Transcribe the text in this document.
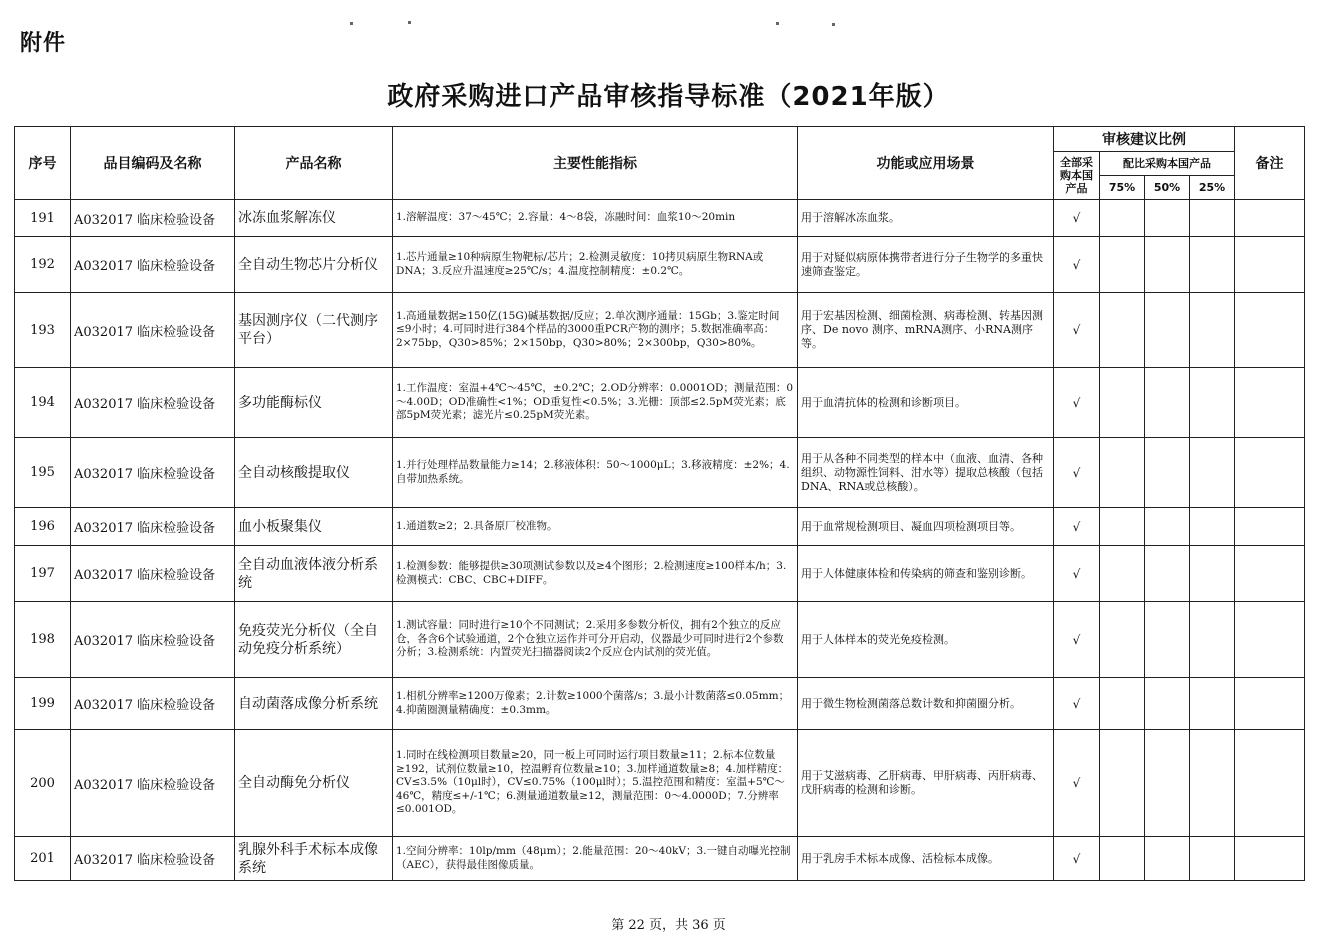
附件
政府采购进口产品审核指导标准（2021年版）
序号	品目编码及名称	产品名称	主要性能指标	功能或应用场景	审核建议比例				备注
					全部采购本国产品	配比采购本国产品			
						75%	50%	25%	
191	A032017 临床检验设备	冰冻血浆解冻仪	1.溶解温度：37～45℃；2.容量：4～8袋，冻融时间：血浆10～20min	用于溶解冰冻血浆。	√				
192	A032017 临床检验设备	全自动生物芯片分析仪	1.芯片通量≥10种病原生物靶标/芯片；2.检测灵敏度：10拷贝病原生物RNA或DNA；3.反应升温速度≥25℃/s；4.温度控制精度：±0.2℃。	用于对疑似病原体携带者进行分子生物学的多重快速筛查鉴定。	√				
193	A032017 临床检验设备	基因测序仪（二代测序平台）	1.高通量数据≥150亿(15G)碱基数据/反应；2.单次测序通量：15Gb；3.鉴定时间≤9小时；4.可同时进行384个样品的3000重PCR产物的测序；5.数据准确率高：2×75bp，Q30>85%；2×150bp，Q30>80%；2×300bp，Q30>80%。	用于宏基因检测、细菌检测、病毒检测、转基因测序、De novo 测序、mRNA测序、小RNA测序等。	√				
194	A032017 临床检验设备	多功能酶标仪	1.工作温度：室温+4℃～45℃，±0.2℃；2.OD分辨率：0.0001OD；测量范围：0～4.00D；OD准确性<1%；OD重复性<0.5%；3.光栅：顶部≤2.5pM荧光素；底部5pM荧光素；滤光片≤0.25pM荧光素。	用于血清抗体的检测和诊断项目。	√				
195	A032017 临床检验设备	全自动核酸提取仪	1.并行处理样品数量能力≥14；2.移液体积：50～1000μL；3.移液精度：±2%；4.自带加热系统。	用于从各种不同类型的样本中（血液、血清、各种组织、动物源性饲料、泔水等）提取总核酸（包括DNA、RNA或总核酸）。	√				
196	A032017 临床检验设备	血小板聚集仪	1.通道数≥2；2.具备原厂校准物。	用于血常规检测项目、凝血四项检测项目等。	√				
197	A032017 临床检验设备	全自动血液体液分析系统	1.检测参数：能够提供≥30项测试参数以及≥4个图形；2.检测速度≥100样本/h；3.检测模式：CBC、CBC+DIFF。	用于人体健康体检和传染病的筛查和鉴别诊断。	√				
198	A032017 临床检验设备	免疫荧光分析仪（全自动免疫分析系统）	1.测试容量：同时进行≥10个不同测试；2.采用多参数分析仪，拥有2个独立的反应仓，各含6个试验通道，2个仓独立运作并可分开启动，仪器最少可同时进行2个参数分析；3.检测系统：内置荧光扫描器阅读2个反应仓内试剂的荧光值。	用于人体样本的荧光免疫检测。	√				
199	A032017 临床检验设备	自动菌落成像分析系统	1.相机分辨率≥1200万像素；2.计数≥1000个菌落/s；3.最小计数菌落≤0.05mm；4.抑菌圈测量精确度：±0.3mm。	用于微生物检测菌落总数计数和抑菌圈分析。	√				
200	A032017 临床检验设备	全自动酶免分析仪	1.同时在线检测项目数量≥20，同一板上可同时运行项目数量≥11；2.标本位数量≥192，试剂位数量≥10，控温孵育位数量≥10；3.加样通道数量≥8；4.加样精度：CV≤3.5%（10μl时），CV≤0.75%（100μl时）；5.温控范围和精度：室温+5℃～46℃，精度≤+/-1℃；6.测量通道数量≥12，测量范围：0～4.0000D；7.分辨率≤0.001OD。	用于艾滋病毒、乙肝病毒、甲肝病毒、丙肝病毒、戊肝病毒的检测和诊断。	√				
201	A032017 临床检验设备	乳腺外科手术标本成像系统	1.空间分辨率：10lp/mm（48μm）；2.能量范围：20～40kV；3.一键自动曝光控制（AEC），获得最佳图像质量。	用于乳房手术标本成像、活检标本成像。	√				
第 22 页，共 36 页
